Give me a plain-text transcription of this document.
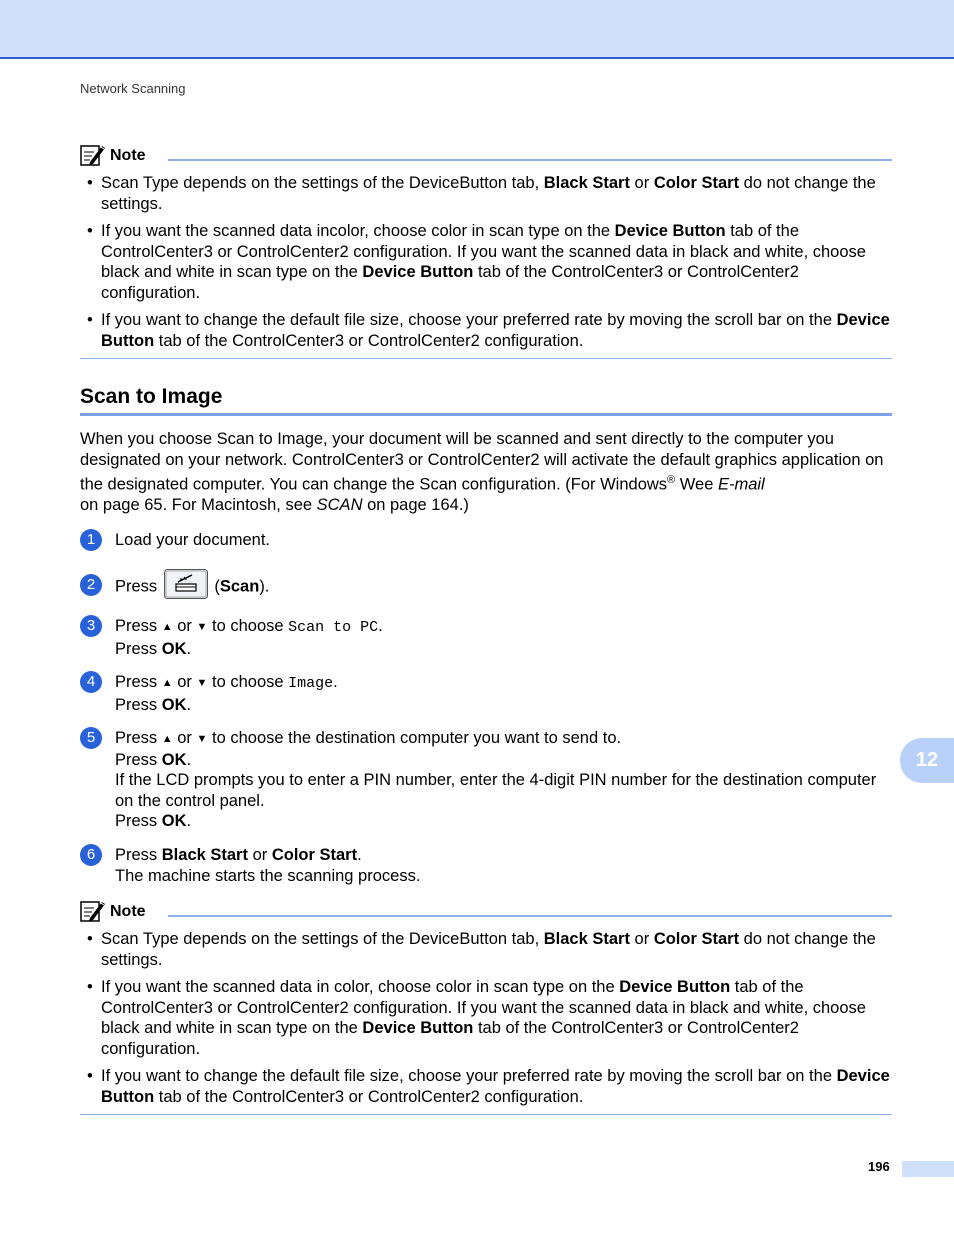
Network Scanning
Note
• Scan Type depends on the settings of the DeviceButton tab, Black Start or Color Start do not change the settings.
• If you want the scanned data incolor, choose color in scan type on the Device Button tab of the ControlCenter3 or ControlCenter2 configuration. If you want the scanned data in black and white, choose black and white in scan type on the Device Button tab of the ControlCenter3 or ControlCenter2 configuration.
• If you want to change the default file size, choose your preferred rate by moving the scroll bar on the Device Button tab of the ControlCenter3 or ControlCenter2 configuration.
Scan to Image
When you choose Scan to Image, your document will be scanned and sent directly to the computer you designated on your network. ControlCenter3 or ControlCenter2 will activate the default graphics application on the designated computer. You can change the Scan configuration. (For Windows® Wee E-mail
on page 65. For Macintosh, see SCAN on page 164.)
1	Load your document.
2	Press	(Scan).
3	Press ▲ or ▼ to choose Scan to PC.
Press OK.
4	Press ▲ or ▼ to choose Image.
Press OK.
5	Press ▲ or ▼ to choose the destination computer you want to send to.
Press OK.
If the LCD prompts you to enter a PIN number, enter the 4-digit PIN number for the destination computer on the control panel.
Press OK.
6	Press Black Start or Color Start.
The machine starts the scanning process.
Note
• Scan Type depends on the settings of the DeviceButton tab, Black Start or Color Start do not change the settings.
• If you want the scanned data in color, choose color in scan type on the Device Button tab of the ControlCenter3 or ControlCenter2 configuration. If you want the scanned data in black and white, choose black and white in scan type on the Device Button tab of the ControlCenter3 or ControlCenter2 configuration.
• If you want to change the default file size, choose your preferred rate by moving the scroll bar on the Device Button tab of the ControlCenter3 or ControlCenter2 configuration.
12
196
